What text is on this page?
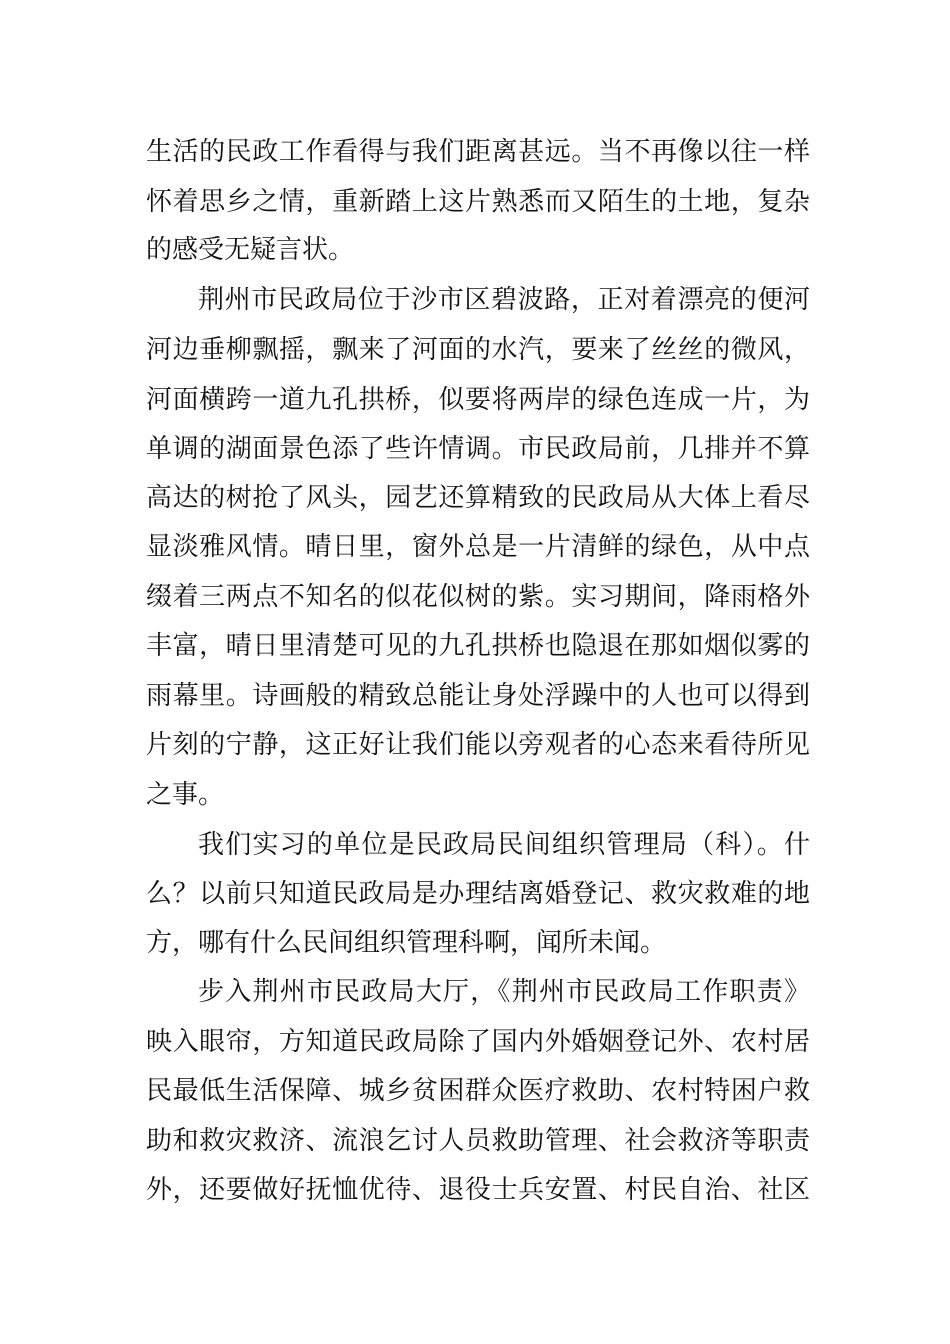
生活的民政工作看得与我们距离甚远。当不再像以往一样
怀着思乡之情，重新踏上这片熟悉而又陌生的土地，复杂
的感受无疑言状。
荆州市民政局位于沙市区碧波路，正对着漂亮的便河
河边垂柳飘摇，飘来了河面的水汽，要来了丝丝的微风，
河面横跨一道九孔拱桥，似要将两岸的绿色连成一片，为
单调的湖面景色添了些许情调。市民政局前，几排并不算
高达的树抢了风头，园艺还算精致的民政局从大体上看尽
显淡雅风情。晴日里，窗外总是一片清鲜的绿色，从中点
缀着三两点不知名的似花似树的紫。实习期间，降雨格外
丰富，晴日里清楚可见的九孔拱桥也隐退在那如烟似雾的
雨幕里。诗画般的精致总能让身处浮躁中的人也可以得到
片刻的宁静，这正好让我们能以旁观者的心态来看待所见
之事。
我们实习的单位是民政局民间组织管理局（科）。什
么？以前只知道民政局是办理结离婚登记、救灾救难的地
方，哪有什么民间组织管理科啊，闻所未闻。
步入荆州市民政局大厅，《荆州市民政局工作职责》
映入眼帘，方知道民政局除了国内外婚姻登记外、农村居
民最低生活保障、城乡贫困群众医疗救助、农村特困户救
助和救灾救济、流浪乞讨人员救助管理、社会救济等职责
外，还要做好抚恤优待、退役士兵安置、村民自治、社区
